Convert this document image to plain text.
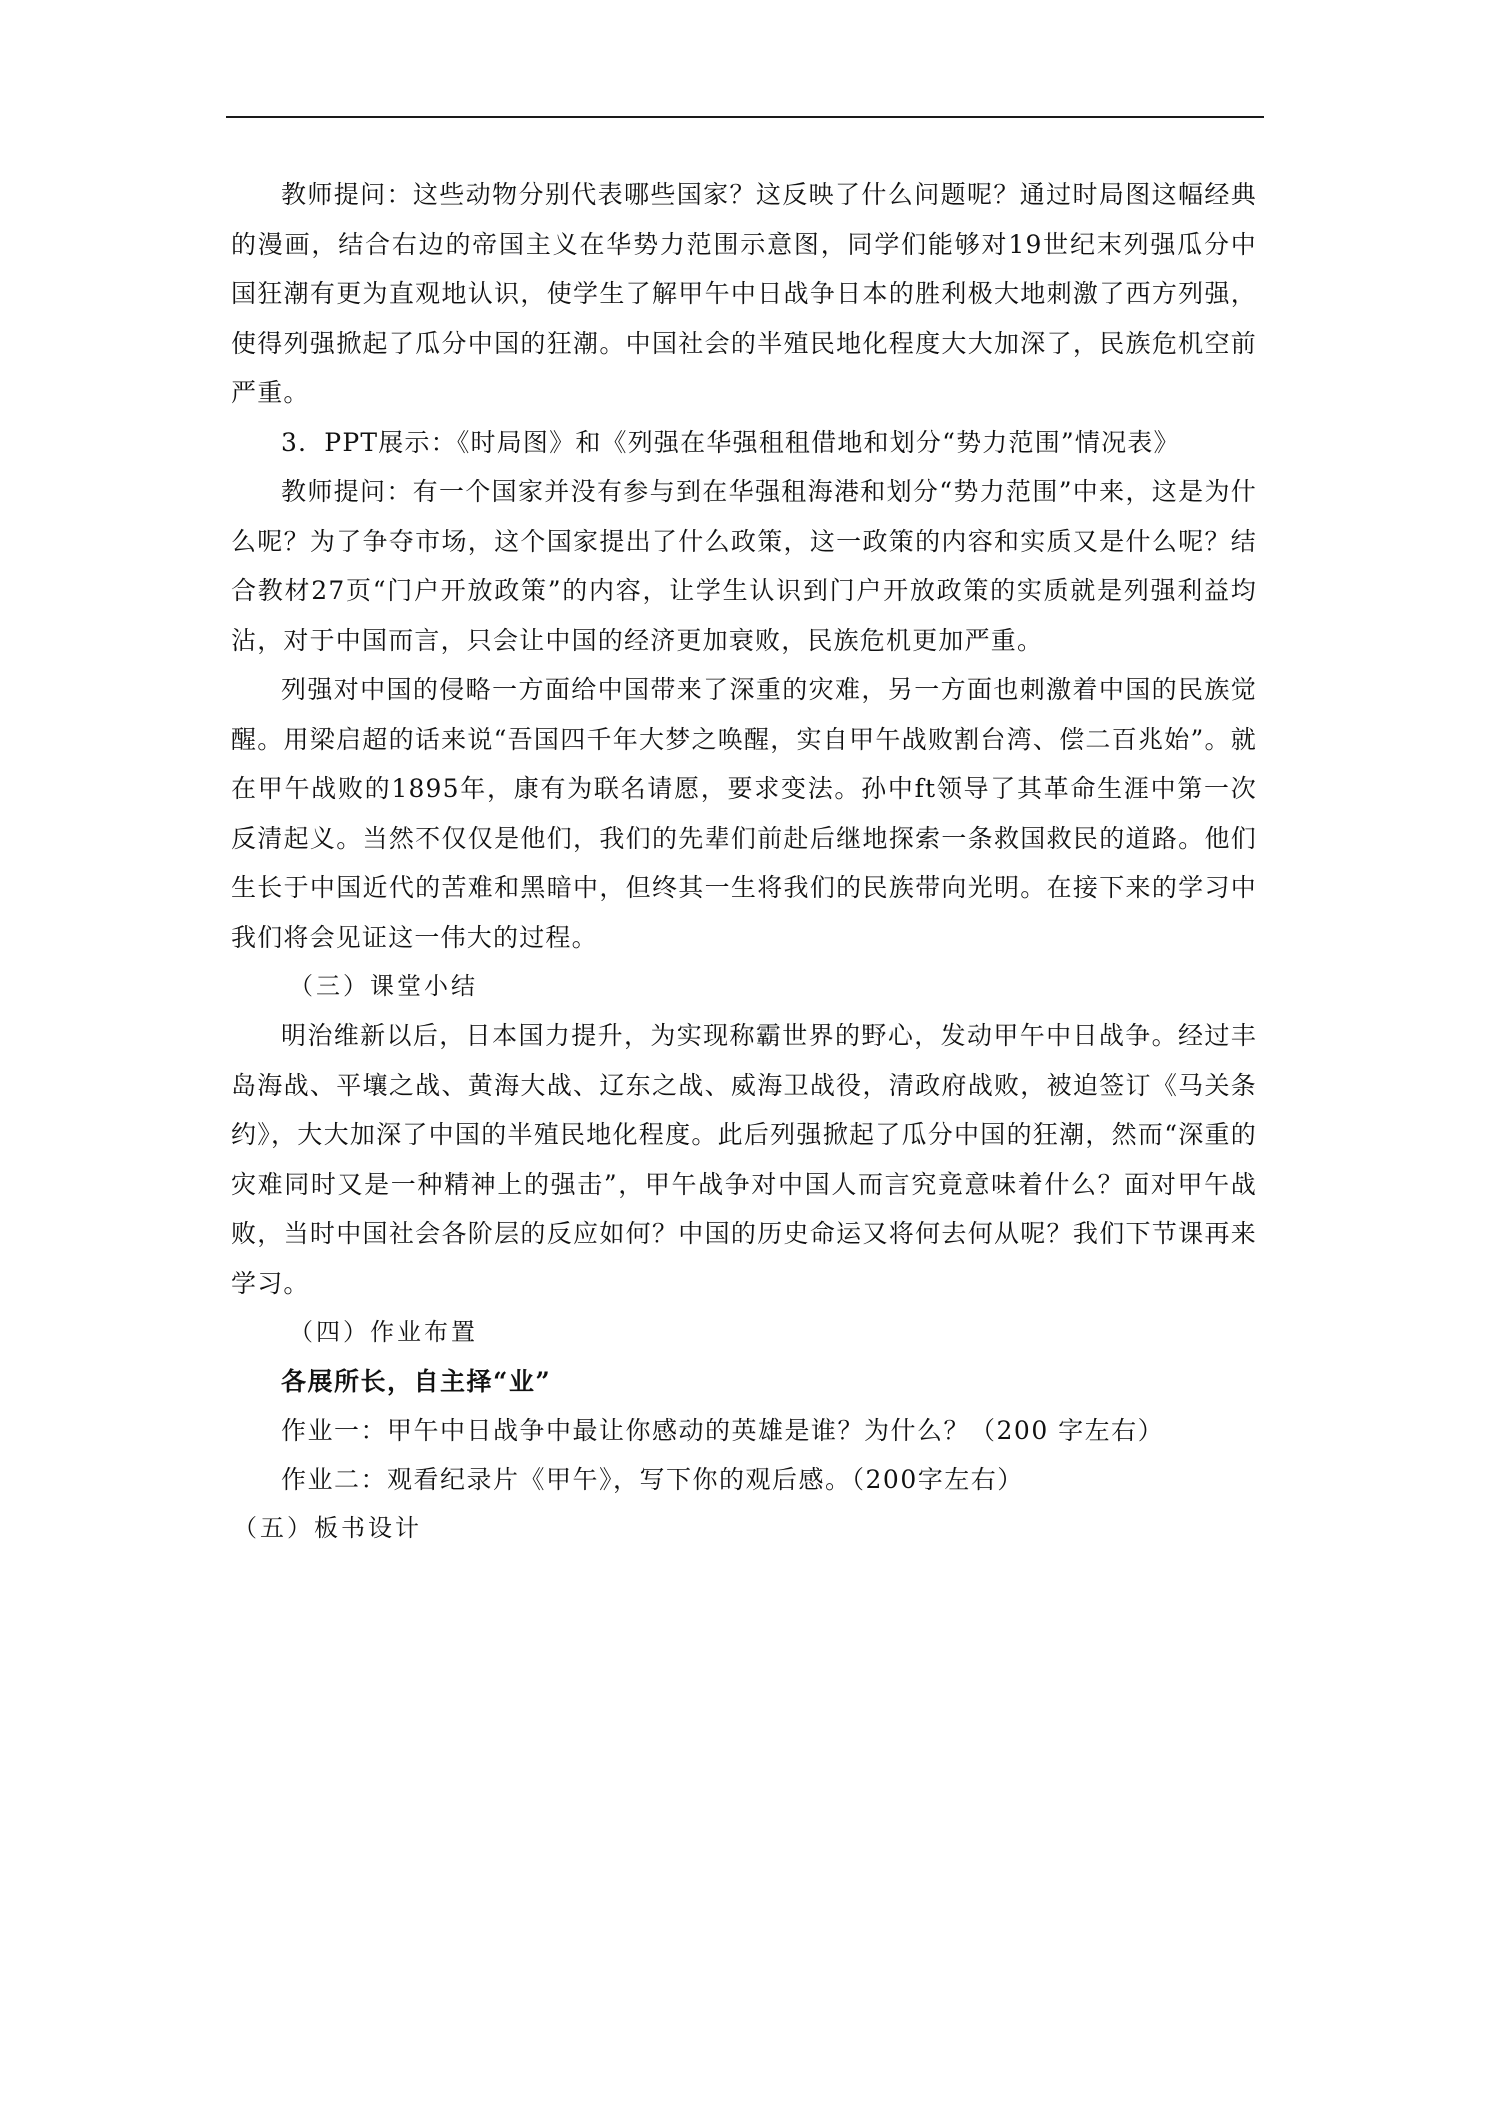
教师提问：这些动物分别代表哪些国家？这反映了什么问题呢？通过时局图这幅经典的漫画，结合右边的帝国主义在华势力范围示意图，同学们能够对19世纪末列强瓜分中国狂潮有更为直观地认识，使学生了解甲午中日战争日本的胜利极大地刺激了西方列强，使得列强掀起了瓜分中国的狂潮。中国社会的半殖民地化程度大大加深了，民族危机空前严重。

3．PPT展示：《时局图》和《列强在华强租租借地和划分“势力范围”情况表》

教师提问：有一个国家并没有参与到在华强租海港和划分“势力范围”中来，这是为什么呢？为了争夺市场，这个国家提出了什么政策，这一政策的内容和实质又是什么呢？结合教材27页“门户开放政策”的内容，让学生认识到门户开放政策的实质就是列强利益均沾，对于中国而言，只会让中国的经济更加衰败，民族危机更加严重。

列强对中国的侵略一方面给中国带来了深重的灾难，另一方面也刺激着中国的民族觉醒。用梁启超的话来说“吾国四千年大梦之唤醒，实自甲午战败割台湾、偿二百兆始”。就在甲午战败的1895年，康有为联名请愿，要求变法。孙中ft领导了其革命生涯中第一次反清起义。当然不仅仅是他们，我们的先辈们前赴后继地探索一条救国救民的道路。他们生长于中国近代的苦难和黑暗中，但终其一生将我们的民族带向光明。在接下来的学习中我们将会见证这一伟大的过程。

（三）课堂小结

明治维新以后，日本国力提升，为实现称霸世界的野心，发动甲午中日战争。经过丰岛海战、平壤之战、黄海大战、辽东之战、威海卫战役，清政府战败，被迫签订《马关条约》，大大加深了中国的半殖民地化程度。此后列强掀起了瓜分中国的狂潮，然而“深重的灾难同时又是一种精神上的强击”，甲午战争对中国人而言究竟意味着什么？面对甲午战败，当时中国社会各阶层的反应如何？中国的历史命运又将何去何从呢？我们下节课再来学习。

（四）作业布置

各展所长，自主择“业”

作业一：甲午中日战争中最让你感动的英雄是谁？为什么？（200 字左右）

作业二：观看纪录片《甲午》，写下你的观后感。（200字左右）

（五）板书设计
